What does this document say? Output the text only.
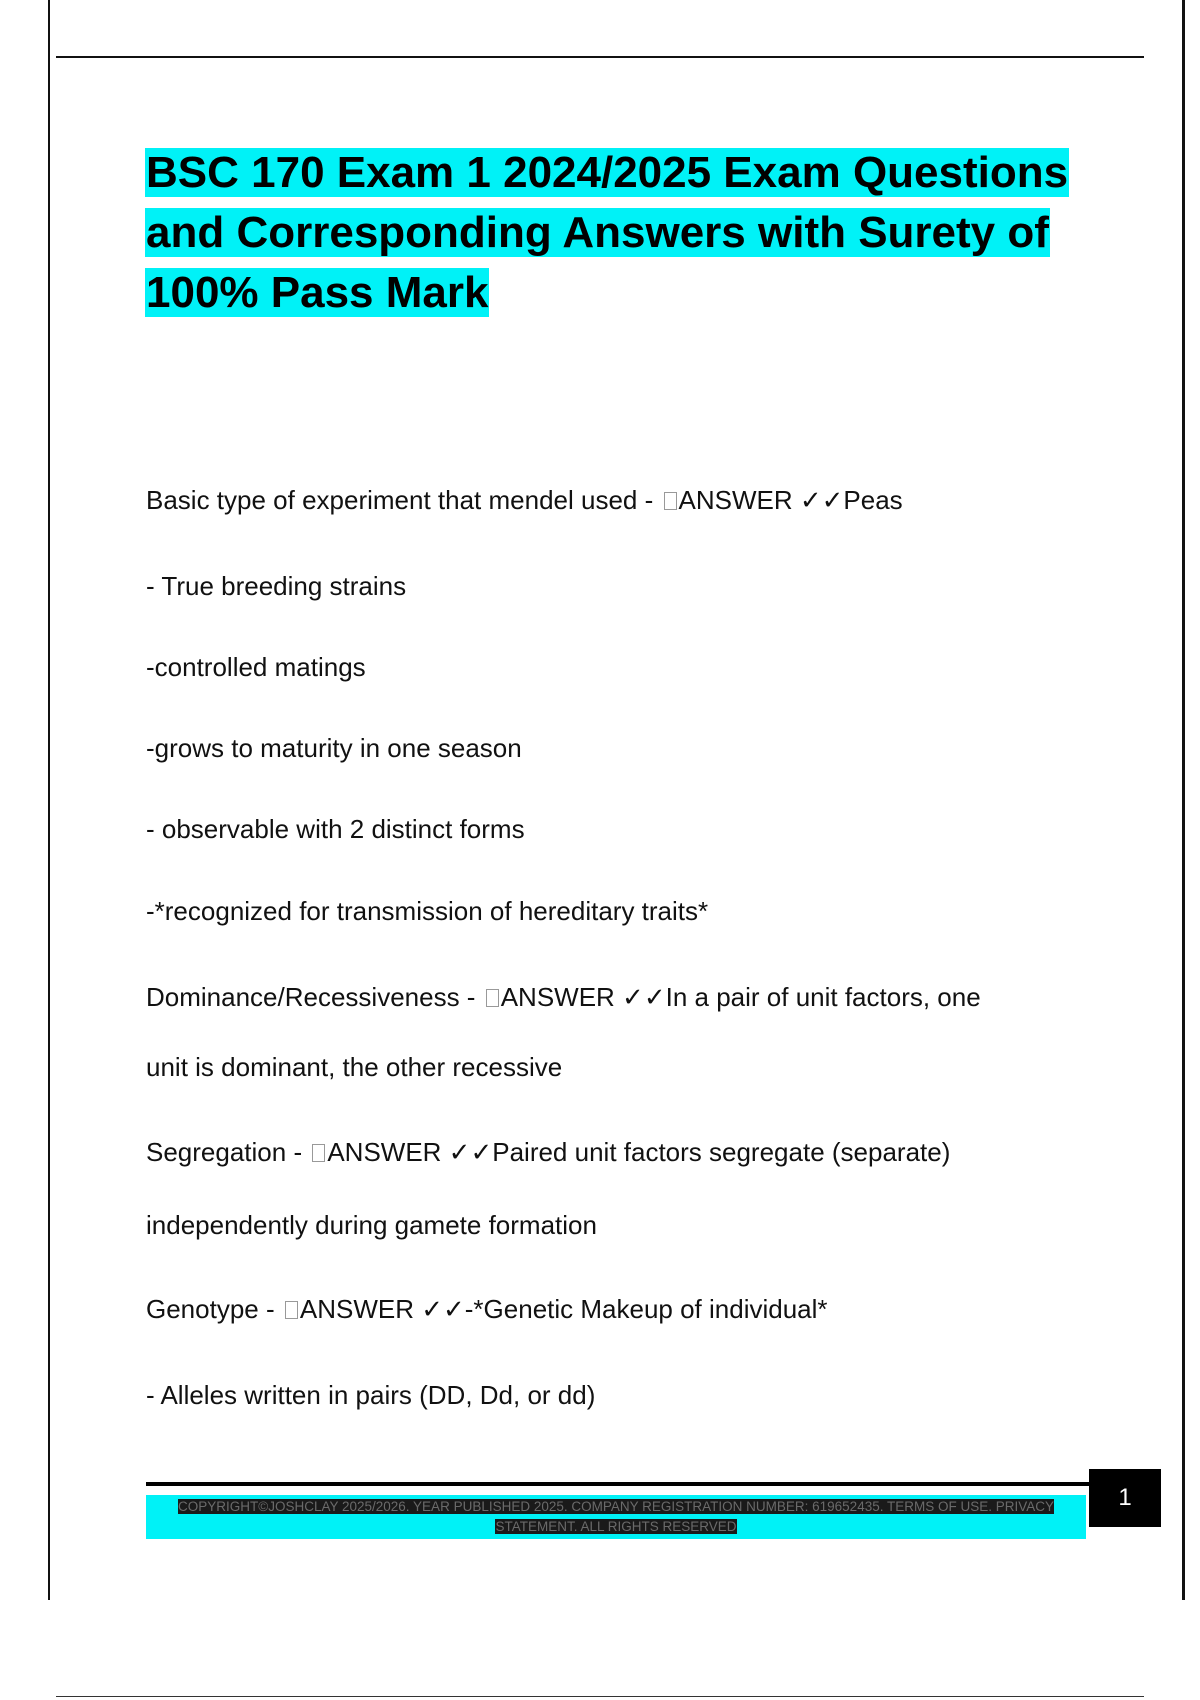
BSC 170 Exam 1 2024/2025 Exam Questions and Corresponding Answers with Surety of 100% Pass Mark

Basic type of experiment that mendel used - ANSWER ✓✓Peas

- True breeding strains

-controlled matings

-grows to maturity in one season

- observable with 2 distinct forms

-*recognized for transmission of hereditary traits*

Dominance/Recessiveness - ANSWER ✓✓In a pair of unit factors, one

unit is dominant, the other recessive

Segregation - ANSWER ✓✓Paired unit factors segregate (separate)

independently during gamete formation

Genotype - ANSWER ✓✓-*Genetic Makeup of individual*

- Alleles written in pairs (DD, Dd, or dd)

COPYRIGHT©JOSHCLAY 2025/2026. YEAR PUBLISHED 2025. COMPANY REGISTRATION NUMBER: 619652435. TERMS OF USE. PRIVACY STATEMENT. ALL RIGHTS RESERVED
1
